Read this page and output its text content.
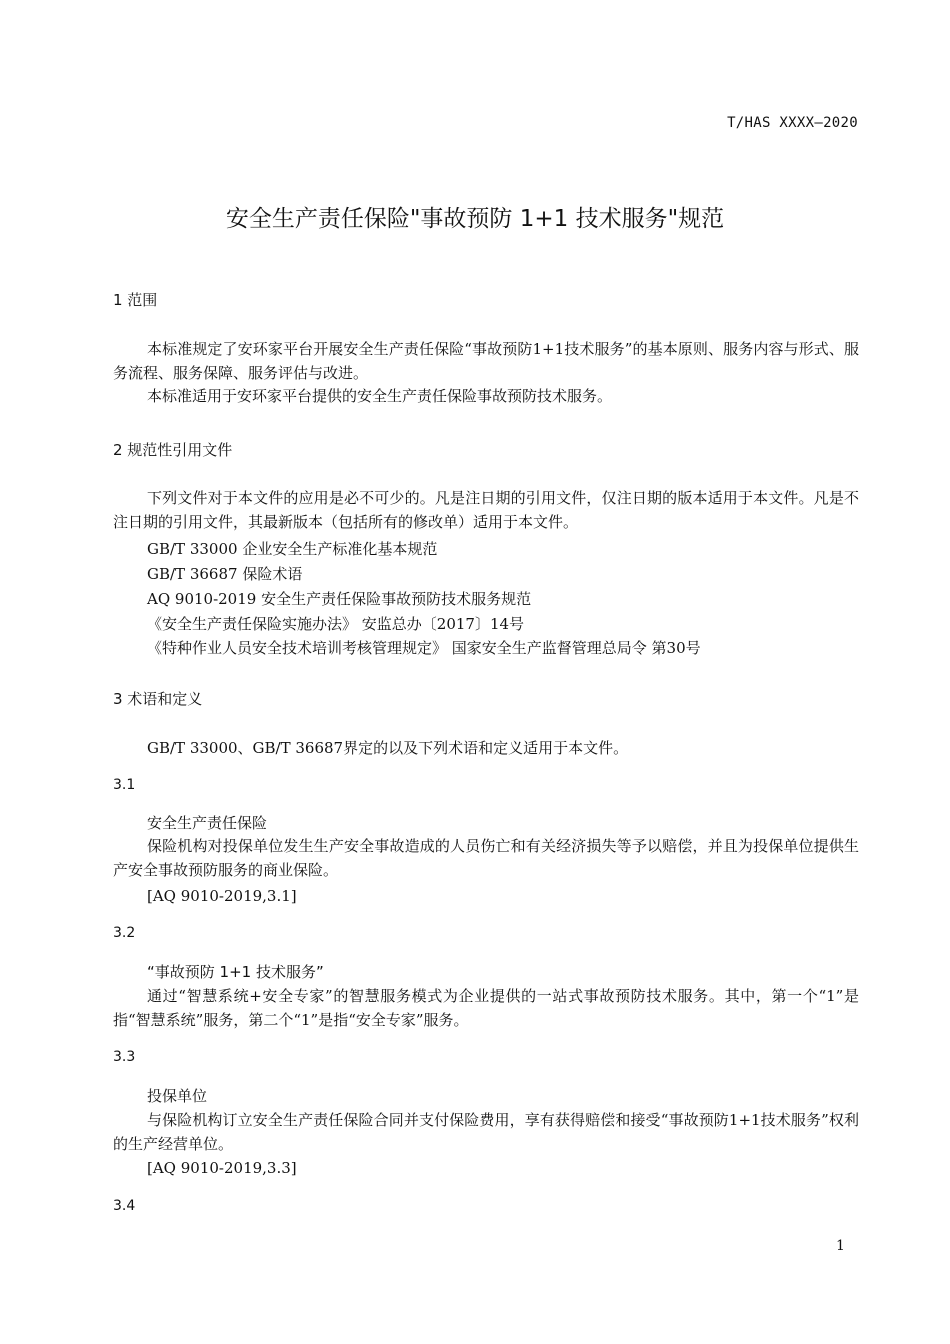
T/HAS XXXX—2020
安全生产责任保险"事故预防 1+1 技术服务"规范
1 范围
本标准规定了安环家平台开展安全生产责任保险“事故预防1+1技术服务”的基本原则、服务内容与形式、服务流程、服务保障、服务评估与改进。
本标准适用于安环家平台提供的安全生产责任保险事故预防技术服务。
2 规范性引用文件
下列文件对于本文件的应用是必不可少的。凡是注日期的引用文件，仅注日期的版本适用于本文件。凡是不注日期的引用文件，其最新版本（包括所有的修改单）适用于本文件。
GB/T 33000 企业安全生产标准化基本规范
GB/T 36687 保险术语
AQ 9010-2019 安全生产责任保险事故预防技术服务规范
《安全生产责任保险实施办法》 安监总办〔2017〕14号
《特种作业人员安全技术培训考核管理规定》 国家安全生产监督管理总局令 第30号
3 术语和定义
GB/T 33000、GB/T 36687界定的以及下列术语和定义适用于本文件。
3.1
安全生产责任保险
保险机构对投保单位发生生产安全事故造成的人员伤亡和有关经济损失等予以赔偿，并且为投保单位提供生产安全事故预防服务的商业保险。
[AQ 9010-2019,3.1]
3.2
“事故预防 1+1 技术服务”
通过“智慧系统+安全专家”的智慧服务模式为企业提供的一站式事故预防技术服务。其中，第一个“1”是指“智慧系统”服务，第二个“1”是指“安全专家”服务。
3.3
投保单位
与保险机构订立安全生产责任保险合同并支付保险费用，享有获得赔偿和接受“事故预防1+1技术服务”权利的生产经营单位。
[AQ 9010-2019,3.3]
3.4
1
